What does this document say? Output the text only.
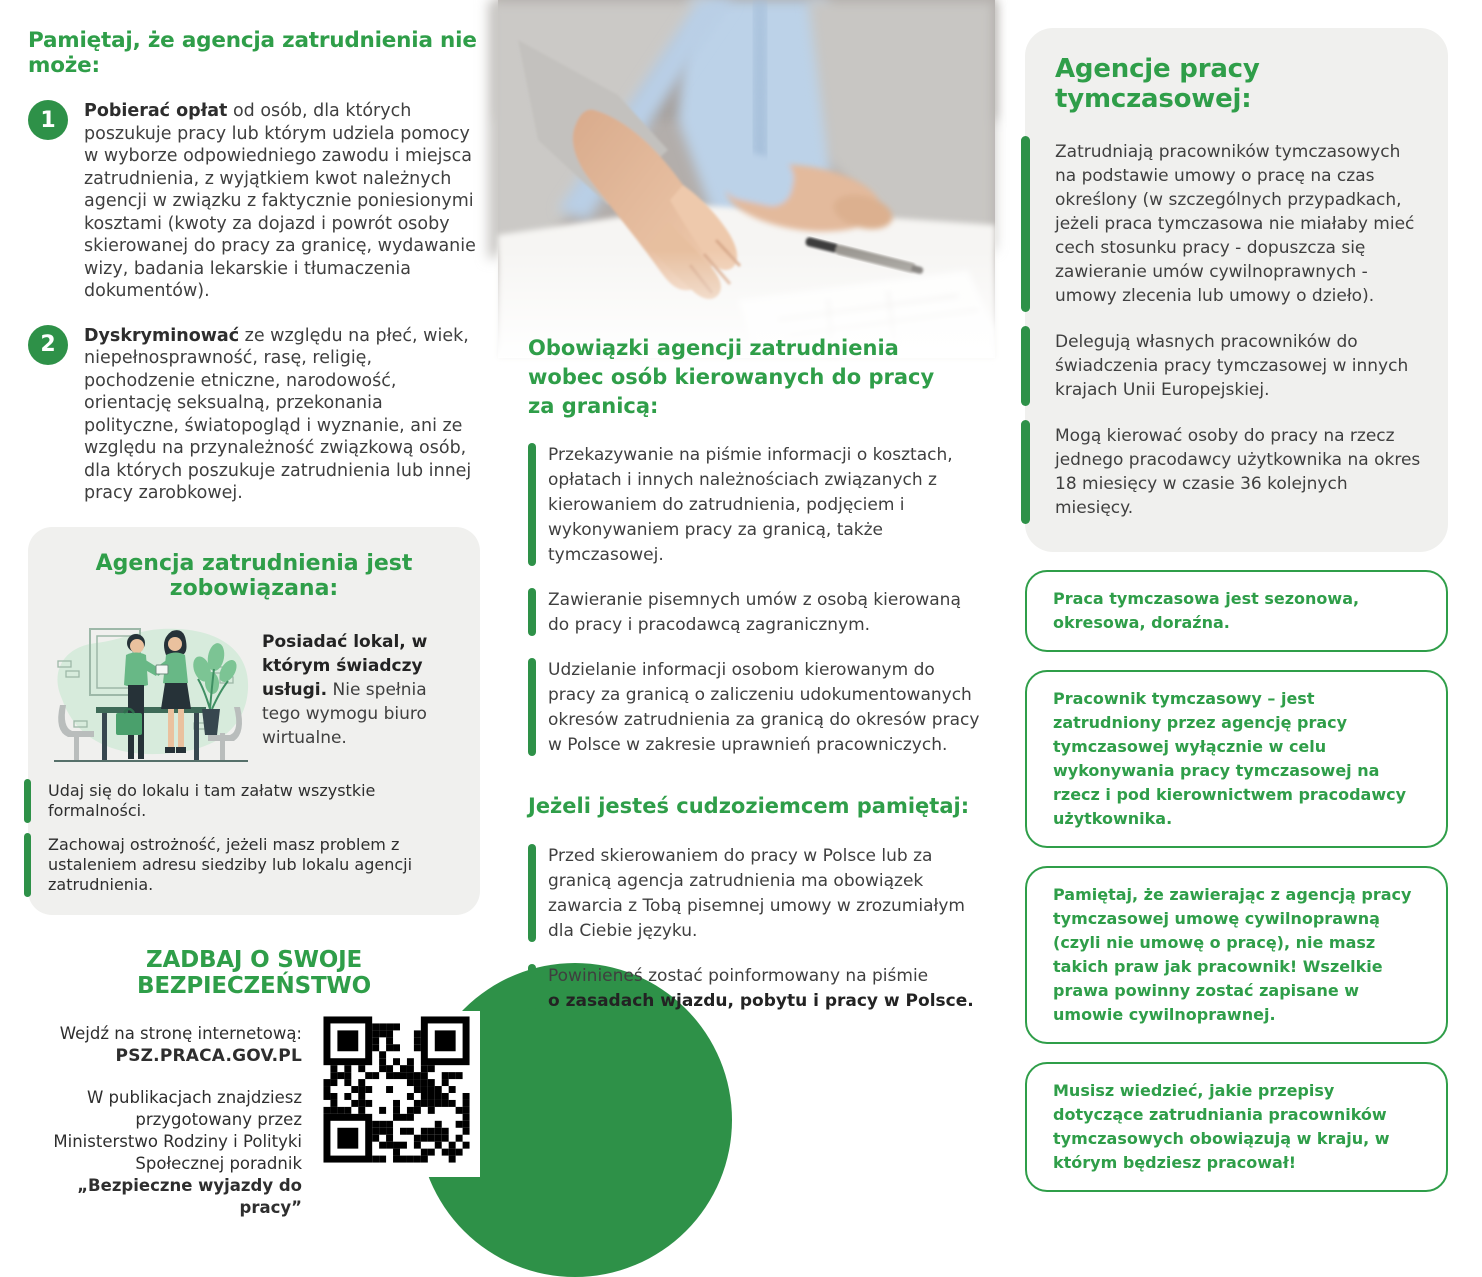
Pamiętaj, że agencja zatrudnienia nie może:
1	Pobierać opłat od osób, dla których poszukuje pracy lub którym udziela pomocy w wyborze odpowiedniego zawodu i miejsca zatrudnienia, z wyjątkiem kwot należnych agencji w związku z faktycznie poniesionymi kosztami (kwoty za dojazd i powrót osoby skierowanej do pracy za granicę, wydawanie wizy, badania lekarskie i tłumaczenia dokumentów).

2	Dyskryminować ze względu na płeć, wiek, niepełnosprawność, rasę, religię, pochodzenie etniczne, narodowość, orientację seksualną, przekonania polityczne, światopogląd i wyznanie, ani ze względu na przynależność związkową osób, dla których poszukuje zatrudnienia lub innej pracy zarobkowej.

Agencja zatrudnienia jest zobowiązana:

Posiadać lokal, w którym świadczy usługi. Nie spełnia tego wymogu biuro wirtualne.

Udaj się do lokalu i tam załatw wszystkie formalności.

Zachowaj ostrożność, jeżeli masz problem z ustaleniem adresu siedziby lub lokalu agencji zatrudnienia.

ZADBAJ O SWOJE BEZPIECZEŃSTWO
Wejdź na stronę internetową:
PSZ.PRACA.GOV.PL
W publikacjach znajdziesz przygotowany przez Ministerstwo Rodziny i Polityki Społecznej poradnik
„Bezpieczne wyjazdy do pracy”
Obowiązki agencji zatrudnienia wobec osób kierowanych do pracy za granicą:

Przekazywanie na piśmie informacji o kosztach, opłatach i innych należnościach związanych z kierowaniem do zatrudnienia, podjęciem i wykonywaniem pracy za granicą, także tymczasowej.

Zawieranie pisemnych umów z osobą kierowaną do pracy i pracodawcą zagranicznym.

Udzielanie informacji osobom kierowanym do pracy za granicą o zaliczeniu udokumentowanych okresów zatrudnienia za granicą do okresów pracy w Polsce w zakresie uprawnień pracowniczych.

Jeżeli jesteś cudzoziemcem pamiętaj:

Przed skierowaniem do pracy w Polsce lub za granicą agencja zatrudnienia ma obowiązek zawarcia z Tobą pisemnej umowy w zrozumiałym dla Ciebie języku.

Powinieneś zostać poinformowany na piśmie
o zasadach wjazdu, pobytu i pracy w Polsce.

Agencje pracy tymczasowej:

Zatrudniają pracowników tymczasowych na podstawie umowy o pracę na czas określony (w szczególnych przypadkach, jeżeli praca tymczasowa nie miałaby mieć cech stosunku pracy - dopuszcza się zawieranie umów cywilnoprawnych - umowy zlecenia lub umowy o dzieło).

Delegują własnych pracowników do świadczenia pracy tymczasowej w innych krajach Unii Europejskiej.

Mogą kierować osoby do pracy na rzecz jednego pracodawcy użytkownika na okres 18 miesięcy w czasie 36 kolejnych miesięcy.

Praca tymczasowa jest sezonowa, okresowa, doraźna.

Pracownik tymczasowy – jest zatrudniony przez agencję pracy tymczasowej wyłącznie w celu wykonywania pracy tymczasowej na rzecz i pod kierownictwem pracodawcy użytkownika.

Pamiętaj, że zawierając z agencją pracy tymczasowej umowę cywilnoprawną (czyli nie umowę o pracę), nie masz takich praw jak pracownik! Wszelkie prawa powinny zostać zapisane w umowie cywilnoprawnej.

Musisz wiedzieć, jakie przepisy dotyczące zatrudniania pracowników tymczasowych obowiązują w kraju, w którym będziesz pracował!
